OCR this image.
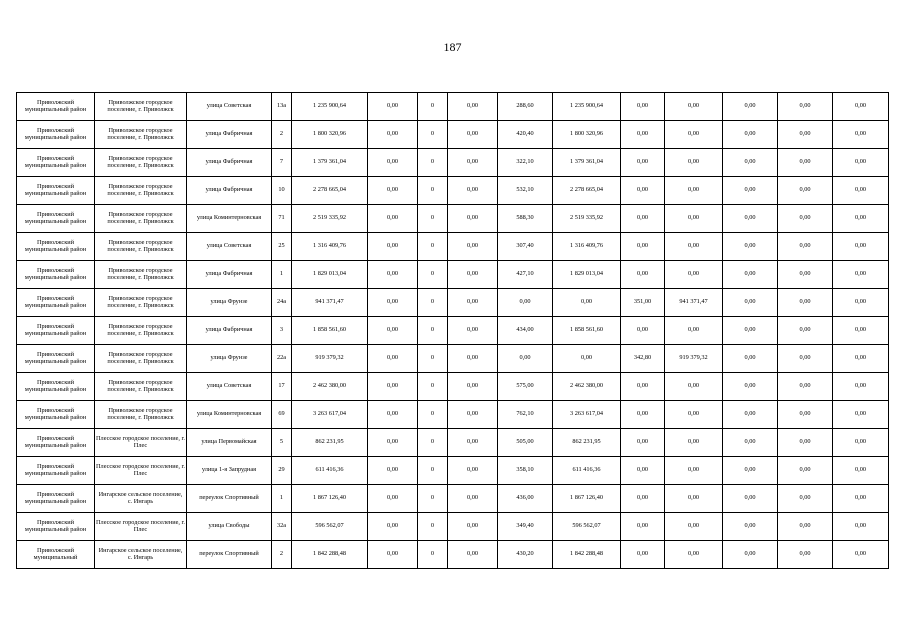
187
Приволжский муниципальный район	Приволжское городское поселение, г. Приволжск	улица Советская	13а	1 235 900,64	0,00	0	0,00	288,60	1 235 900,64	0,00	0,00	0,00	0,00	0,00
Приволжский муниципальный район	Приволжское городское поселение, г. Приволжск	улица Фабричная	2	1 800 320,96	0,00	0	0,00	420,40	1 800 320,96	0,00	0,00	0,00	0,00	0,00
Приволжский муниципальный район	Приволжское городское поселение, г. Приволжск	улица Фабричная	7	1 379 361,04	0,00	0	0,00	322,10	1 379 361,04	0,00	0,00	0,00	0,00	0,00
Приволжский муниципальный район	Приволжское городское поселение, г. Приволжск	улица Фабричная	10	2 278 665,04	0,00	0	0,00	532,10	2 278 665,04	0,00	0,00	0,00	0,00	0,00
Приволжский муниципальный район	Приволжское городское поселение, г. Приволжск	улица Коминтерновская	71	2 519 335,92	0,00	0	0,00	588,30	2 519 335,92	0,00	0,00	0,00	0,00	0,00
Приволжский муниципальный район	Приволжское городское поселение, г. Приволжск	улица Советская	25	1 316 409,76	0,00	0	0,00	307,40	1 316 409,76	0,00	0,00	0,00	0,00	0,00
Приволжский муниципальный район	Приволжское городское поселение, г. Приволжск	улица Фабричная	1	1 829 013,04	0,00	0	0,00	427,10	1 829 013,04	0,00	0,00	0,00	0,00	0,00
Приволжский муниципальный район	Приволжское городское поселение, г. Приволжск	улица Фрунзе	24а	941 371,47	0,00	0	0,00	0,00	0,00	351,00	941 371,47	0,00	0,00	0,00
Приволжский муниципальный район	Приволжское городское поселение, г. Приволжск	улица Фабричная	3	1 858 561,60	0,00	0	0,00	434,00	1 858 561,60	0,00	0,00	0,00	0,00	0,00
Приволжский муниципальный район	Приволжское городское поселение, г. Приволжск	улица Фрунзе	22а	919 379,32	0,00	0	0,00	0,00	0,00	342,80	919 379,32	0,00	0,00	0,00
Приволжский муниципальный район	Приволжское городское поселение, г. Приволжск	улица Советская	17	2 462 380,00	0,00	0	0,00	575,00	2 462 380,00	0,00	0,00	0,00	0,00	0,00
Приволжский муниципальный район	Приволжское городское поселение, г. Приволжск	улица Коминтерновская	69	3 263 617,04	0,00	0	0,00	762,10	3 263 617,04	0,00	0,00	0,00	0,00	0,00
Приволжский муниципальный район	Плесское городское поселение, г. Плес	улица Первомайская	5	862 231,95	0,00	0	0,00	505,00	862 231,95	0,00	0,00	0,00	0,00	0,00
Приволжский муниципальный район	Плесское городское поселение, г. Плес	улица 1-я Запрудная	29	611 416,36	0,00	0	0,00	358,10	611 416,36	0,00	0,00	0,00	0,00	0,00
Приволжский муниципальный район	Ингарское сельское поселение, с. Ингарь	переулок Спортивный	1	1 867 126,40	0,00	0	0,00	436,00	1 867 126,40	0,00	0,00	0,00	0,00	0,00
Приволжский муниципальный район	Плесское городское поселение, г. Плес	улица Свободы	32а	596 562,07	0,00	0	0,00	349,40	596 562,07	0,00	0,00	0,00	0,00	0,00
Приволжский муниципальный	Ингарское сельское поселение, с. Ингарь	переулок Спортивный	2	1 842 288,48	0,00	0	0,00	430,20	1 842 288,48	0,00	0,00	0,00	0,00	0,00
